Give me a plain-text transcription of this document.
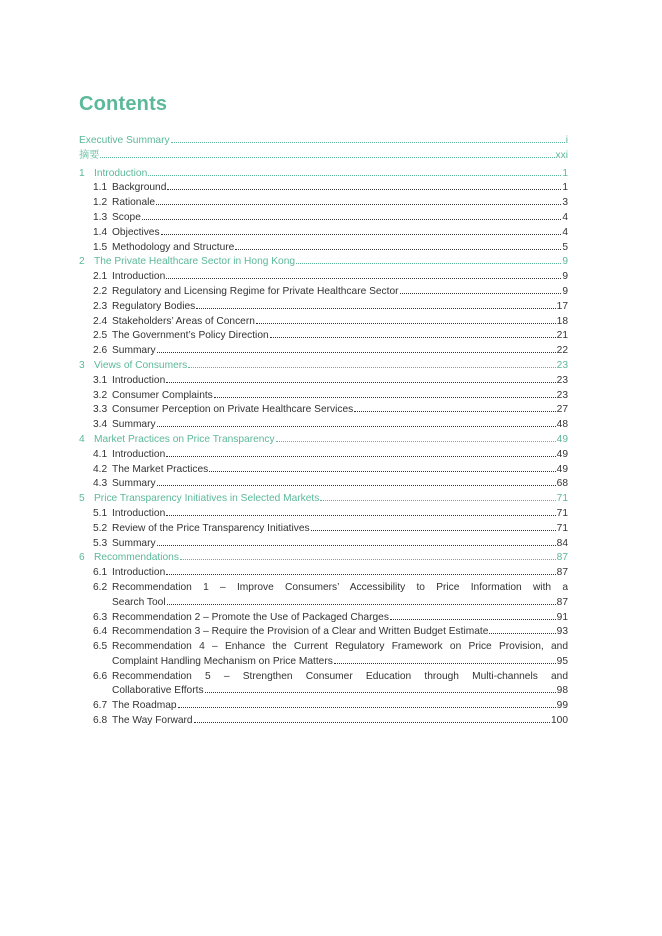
Contents
Executive Summary	i
摘要	xxi
1 Introduction	1
1.1 Background	1
1.2 Rationale	3
1.3 Scope	4
1.4 Objectives	4
1.5 Methodology and Structure	5
2 The Private Healthcare Sector in Hong Kong	9
2.1 Introduction	9
2.2 Regulatory and Licensing Regime for Private Healthcare Sector	9
2.3 Regulatory Bodies	17
2.4 Stakeholders’ Areas of Concern	18
2.5 The Government’s Policy Direction	21
2.6 Summary	22
3 Views of Consumers	23
3.1 Introduction	23
3.2 Consumer Complaints	23
3.3 Consumer Perception on Private Healthcare Services	27
3.4 Summary	48
4 Market Practices on Price Transparency	49
4.1 Introduction	49
4.2 The Market Practices	49
4.3 Summary	68
5 Price Transparency Initiatives in Selected Markets	71
5.1 Introduction	71
5.2 Review of the Price Transparency Initiatives	71
5.3 Summary	84
6 Recommendations	87
6.1 Introduction	87
6.2 Recommendation 1 – Improve Consumers’ Accessibility to Price Information with a
Search Tool	87
6.3 Recommendation 2 – Promote the Use of Packaged Charges	91
6.4 Recommendation 3 – Require the Provision of a Clear and Written Budget Estimate	93
6.5 Recommendation 4 – Enhance the Current Regulatory Framework on Price Provision, and
Complaint Handling Mechanism on Price Matters	95
6.6 Recommendation 5 – Strengthen Consumer Education through Multi-channels and
Collaborative Efforts	98
6.7 The Roadmap	99
6.8 The Way Forward	100
